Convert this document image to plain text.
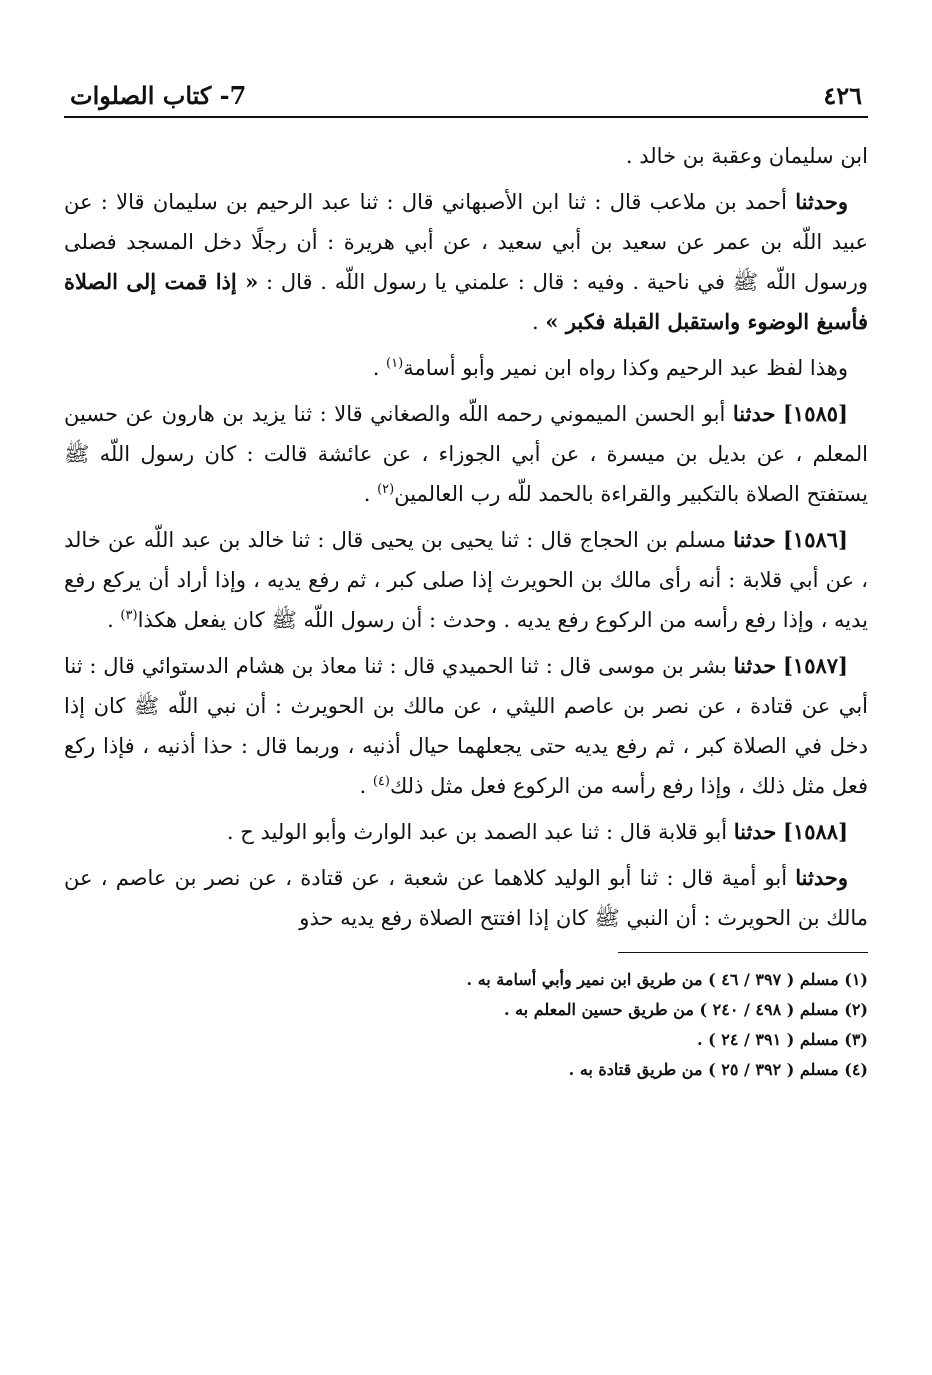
٤٢٦
7- كتاب الصلوات

ابن سليمان وعقبة بن خالد .

وحدثنا أحمد بن ملاعب قال : ثنا ابن الأصبهاني قال : ثنا عبد الرحيم بن سليمان قالا : عن عبيد اللّه بن عمر عن سعيد بن أبي سعيد ، عن أبي هريرة : أن رجلًا دخل المسجد فصلى ورسول اللّه ﷺ في ناحية . وفيه : قال : علمني يا رسول اللّه . قال : « إذا قمت إلى الصلاة فأسبغ الوضوء واستقبل القبلة فكبر » .

وهذا لفظ عبد الرحيم وكذا رواه ابن نمير وأبو أسامة$^{(١)}$ .

[١٥٨٥] حدثنا أبو الحسن الميموني رحمه اللّه والصغاني قالا : ثنا يزيد بن هارون عن حسين المعلم ، عن بديل بن ميسرة ، عن أبي الجوزاء ، عن عائشة قالت : كان رسول اللّه ﷺ يستفتح الصلاة بالتكبير والقراءة بالحمد للّه رب العالمين$^{(٢)}$ .

[١٥٨٦] حدثنا مسلم بن الحجاج قال : ثنا يحيى بن يحيى قال : ثنا خالد بن عبد اللّه عن خالد ، عن أبي قلابة : أنه رأى مالك بن الحويرث إذا صلى كبر ، ثم رفع يديه ، وإذا أراد أن يركع رفع يديه ، وإذا رفع رأسه من الركوع رفع يديه . وحدث : أن رسول اللّه ﷺ كان يفعل هكذا$^{(٣)}$ .

[١٥٨٧] حدثنا بشر بن موسى قال : ثنا الحميدي قال : ثنا معاذ بن هشام الدستوائي قال : ثنا أبي عن قتادة ، عن نصر بن عاصم الليثي ، عن مالك بن الحويرث : أن نبي اللّه ﷺ كان إذا دخل في الصلاة كبر ، ثم رفع يديه حتى يجعلهما حيال أذنيه ، وربما قال : حذا أذنيه ، فإذا ركع فعل مثل ذلك ، وإذا رفع رأسه من الركوع فعل مثل ذلك$^{(٤)}$ .

[١٥٨٨] حدثنا أبو قلابة قال : ثنا عبد الصمد بن عبد الوارث وأبو الوليد ح .

وحدثنا أبو أمية قال : ثنا أبو الوليد كلاهما عن شعبة ، عن قتادة ، عن نصر بن عاصم ، عن مالك بن الحويرث : أن النبي ﷺ كان إذا افتتح الصلاة رفع يديه حذو

(١) مسلم ( ٣٩٧ / ٤٦ ) من طريق ابن نمير وأبي أسامة به .

(٢) مسلم ( ٤٩٨ / ٢٤٠ ) من طريق حسين المعلم به .

(٣) مسلم ( ٣٩١ / ٢٤ ) .

(٤) مسلم ( ٣٩٢ / ٢٥ ) من طريق قتادة به .
